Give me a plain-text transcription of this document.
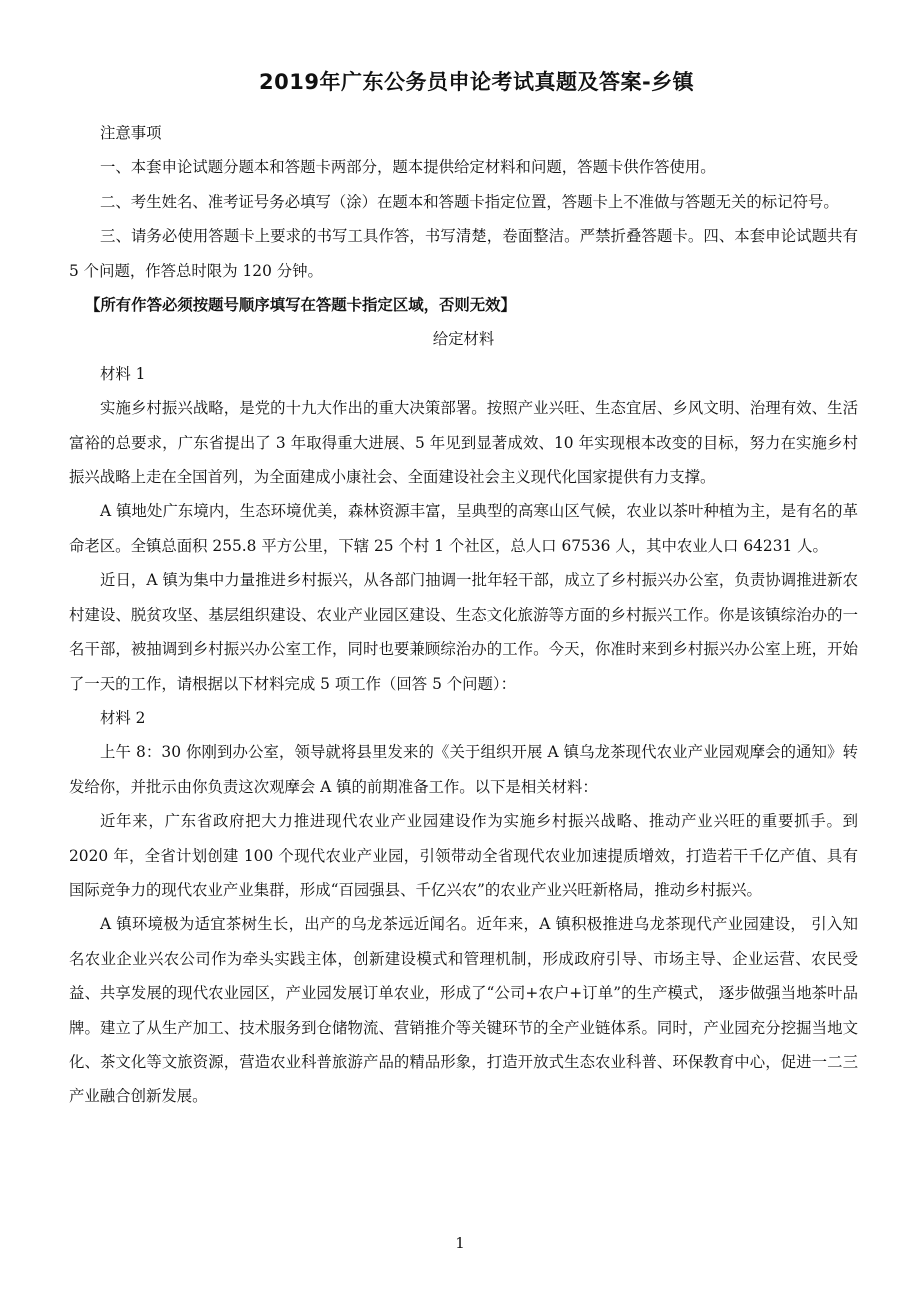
2019年广东公务员申论考试真题及答案-乡镇

注意事项

一、本套申论试题分题本和答题卡两部分，题本提供给定材料和问题，答题卡供作答使用。

二、考生姓名、准考证号务必填写（涂）在题本和答题卡指定位置，答题卡上不准做与答题无关的标记符号。

三、请务必使用答题卡上要求的书写工具作答，书写清楚，卷面整洁。严禁折叠答题卡。四、本套申论试题共有 5 个问题，作答总时限为 120 分钟。

【所有作答必须按题号顺序填写在答题卡指定区域，否则无效】

给定材料

材料 1

实施乡村振兴战略，是党的十九大作出的重大决策部署。按照产业兴旺、生态宜居、乡风文明、治理有效、生活富裕的总要求，广东省提出了 3 年取得重大进展、5 年见到显著成效、10 年实现根本改变的目标，努力在实施乡村振兴战略上走在全国首列，为全面建成小康社会、全面建设社会主义现代化国家提供有力支撑。

A 镇地处广东境内，生态环境优美，森林资源丰富，呈典型的高寒山区气候，农业以茶叶种植为主，是有名的革命老区。全镇总面积 255.8 平方公里，下辖 25 个村 1 个社区，总人口 67536 人，其中农业人口 64231 人。

近日，A 镇为集中力量推进乡村振兴，从各部门抽调一批年轻干部，成立了乡村振兴办公室，负责协调推进新农村建设、脱贫攻坚、基层组织建设、农业产业园区建设、生态文化旅游等方面的乡村振兴工作。你是该镇综治办的一名干部，被抽调到乡村振兴办公室工作，同时也要兼顾综治办的工作。今天，你准时来到乡村振兴办公室上班，开始了一天的工作，请根据以下材料完成 5 项工作（回答 5 个问题）：

材料 2

上午 8：30 你刚到办公室，领导就将县里发来的《关于组织开展 A 镇乌龙茶现代农业产业园观摩会的通知》转发给你，并批示由你负责这次观摩会 A 镇的前期准备工作。以下是相关材料：

近年来，广东省政府把大力推进现代农业产业园建设作为实施乡村振兴战略、推动产业兴旺的重要抓手。到 2020 年，全省计划创建 100 个现代农业产业园，引领带动全省现代农业加速提质增效，打造若干千亿产值、具有国际竞争力的现代农业产业集群，形成“百园强县、千亿兴农”的农业产业兴旺新格局，推动乡村振兴。

A 镇环境极为适宜茶树生长，出产的乌龙茶远近闻名。近年来，A 镇积极推进乌龙茶现代产业园建设， 引入知名农业企业兴农公司作为牵头实践主体，创新建设模式和管理机制，形成政府引导、市场主导、企业运营、农民受益、共享发展的现代农业园区，产业园发展订单农业，形成了“公司+农户+订单”的生产模式， 逐步做强当地茶叶品牌。建立了从生产加工、技术服务到仓储物流、营销推介等关键环节的全产业链体系。同时，产业园充分挖掘当地文化、茶文化等文旅资源，营造农业科普旅游产品的精品形象，打造开放式生态农业科普、环保教育中心，促进一二三产业融合创新发展。

1
